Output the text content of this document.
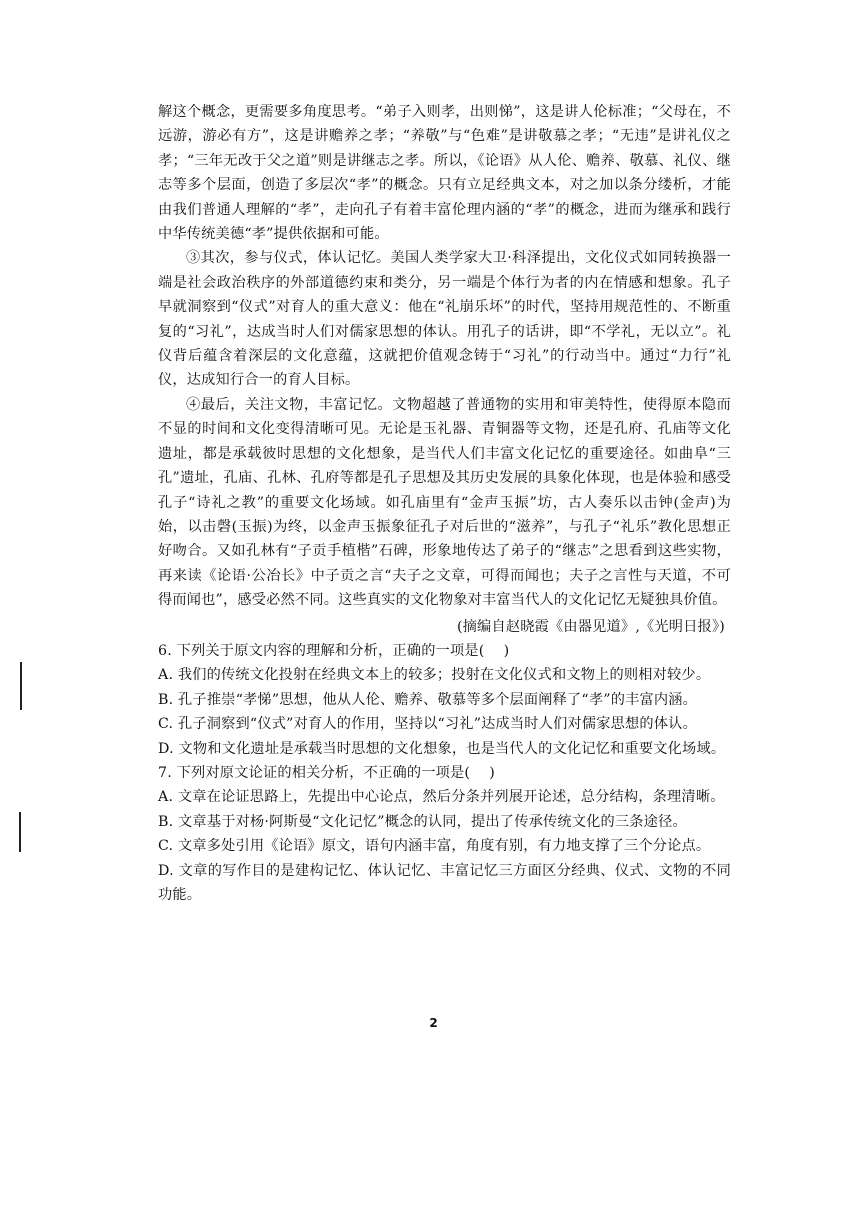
解这个概念，更需要多角度思考。“弟子入则孝，出则悌”，这是讲人伦标准；“父母在，不远游，游必有方”，这是讲赡养之孝；“养敬”与“色难”是讲敬慕之孝；“无违”是讲礼仪之孝；“三年无改于父之道”则是讲继志之孝。所以，《论语》从人伦、赡养、敬慕、礼仪、继志等多个层面，创造了多层次“孝”的概念。只有立足经典文本，对之加以条分缕析，才能由我们普通人理解的“孝”，走向孔子有着丰富伦理内涵的“孝”的概念，进而为继承和践行中华传统美德“孝”提供依据和可能。

③其次，参与仪式，体认记忆。美国人类学家大卫·科泽提出，文化仪式如同转换器一端是社会政治秩序的外部道德约束和类分，另一端是个体行为者的内在情感和想象。孔子早就洞察到“仪式”对育人的重大意义：他在“礼崩乐坏”的时代，坚持用规范性的、不断重复的“习礼”，达成当时人们对儒家思想的体认。用孔子的话讲，即“不学礼，无以立”。礼仪背后蕴含着深层的文化意蕴，这就把价值观念铸于“习礼”的行动当中。通过“力行”礼仪，达成知行合一的育人目标。

④最后，关注文物，丰富记忆。文物超越了普通物的实用和审美特性，使得原本隐而不显的时间和文化变得清晰可见。无论是玉礼器、青铜器等文物，还是孔府、孔庙等文化遗址，都是承载彼时思想的文化想象，是当代人们丰富文化记忆的重要途径。如曲阜“三孔”遗址，孔庙、孔林、孔府等都是孔子思想及其历史发展的具象化体现，也是体验和感受孔子“诗礼之教”的重要文化场域。如孔庙里有“金声玉振”坊，古人奏乐以击钟(金声)为始，以击磬(玉振)为终，以金声玉振象征孔子对后世的“滋养”，与孔子“礼乐”教化思想正好吻合。又如孔林有“子贡手植楷”石碑，形象地传达了弟子的“继志”之思看到这些实物，再来读《论语·公冶长》中子贡之言“夫子之文章，可得而闻也；夫子之言性与天道，不可得而闻也”，感受必然不同。这些真实的文化物象对丰富当代人的文化记忆无疑独具价值。

(摘编自赵晓霞《由器见道》,《光明日报》)

6. 下列关于原文内容的理解和分析，正确的一项是(　 )

A. 我们的传统文化投射在经典文本上的较多；投射在文化仪式和文物上的则相对较少。

B. 孔子推崇“孝悌”思想，他从人伦、赡养、敬慕等多个层面阐释了“孝”的丰富内涵。

C. 孔子洞察到“仪式”对育人的作用，坚持以“习礼”达成当时人们对儒家思想的体认。

D. 文物和文化遗址是承载当时思想的文化想象，也是当代人的文化记忆和重要文化场域。

7. 下列对原文论证的相关分析，不正确的一项是(　 )

A. 文章在论证思路上，先提出中心论点，然后分条并列展开论述，总分结构，条理清晰。

B. 文章基于对杨·阿斯曼“文化记忆”概念的认同，提出了传承传统文化的三条途径。

C. 文章多处引用《论语》原文，语句内涵丰富，角度有别，有力地支撑了三个分论点。

D. 文章的写作目的是建构记忆、体认记忆、丰富记忆三方面区分经典、仪式、文物的不同功能。

2
